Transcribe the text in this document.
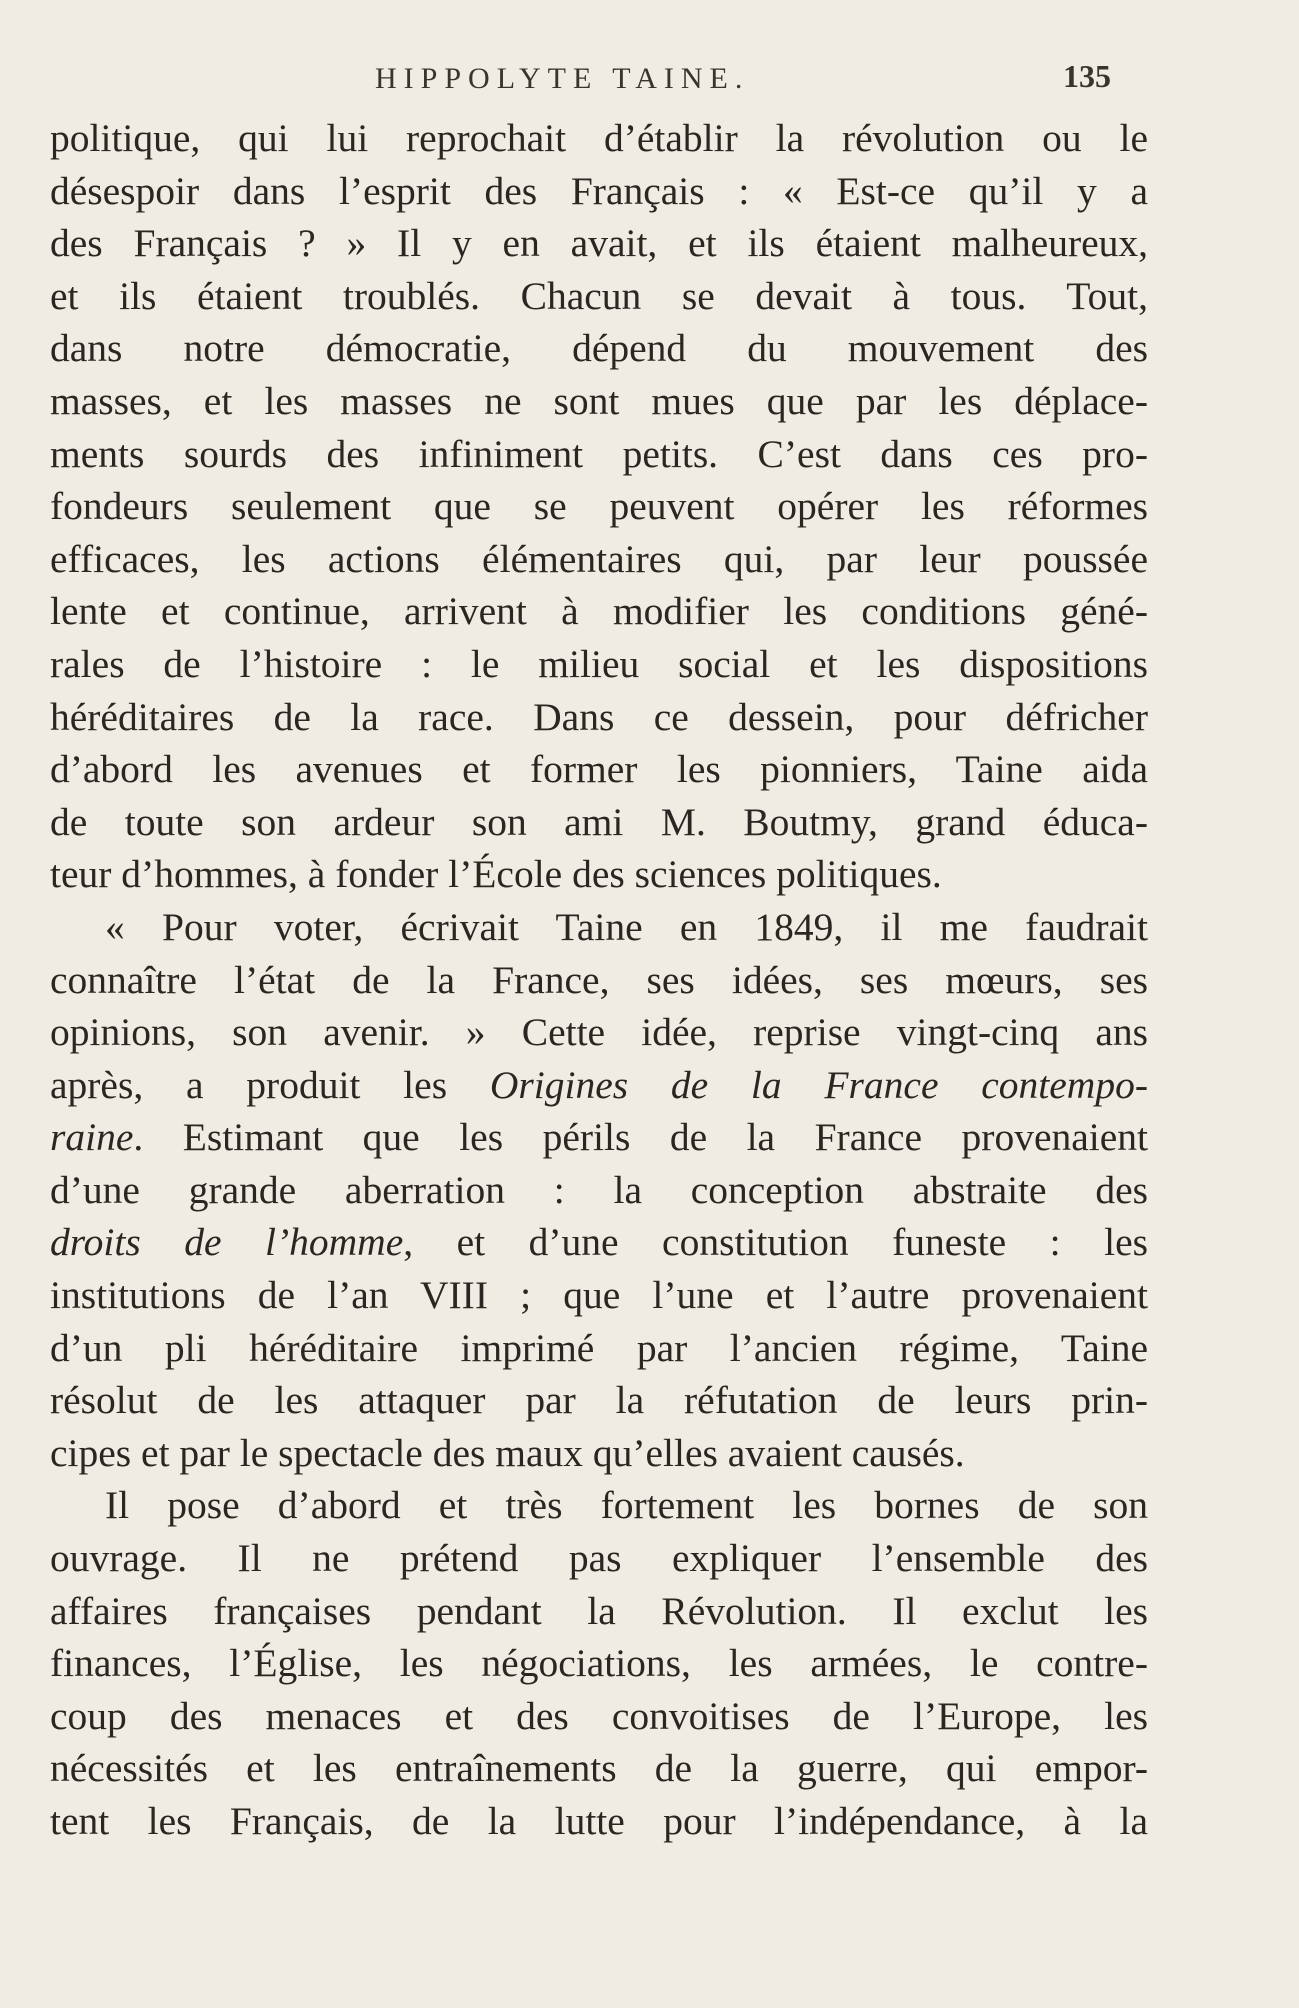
HIPPOLYTE TAINE.	135
politique, qui lui reprochait d’établir la révolution ou le
désespoir dans l’esprit des Français : « Est-ce qu’il y a
des Français ? » Il y en avait, et ils étaient malheureux,
et ils étaient troublés. Chacun se devait à tous. Tout,
dans notre démocratie, dépend du mouvement des
masses, et les masses ne sont mues que par les déplace-
ments sourds des infiniment petits. C’est dans ces pro-
fondeurs seulement que se peuvent opérer les réformes
efficaces, les actions élémentaires qui, par leur poussée
lente et continue, arrivent à modifier les conditions géné-
rales de l’histoire : le milieu social et les dispositions
héréditaires de la race. Dans ce dessein, pour défricher
d’abord les avenues et former les pionniers, Taine aida
de toute son ardeur son ami M. Boutmy, grand éduca-
teur d’hommes, à fonder l’École des sciences politiques.
« Pour voter, écrivait Taine en 1849, il me faudrait
connaître l’état de la France, ses idées, ses mœurs, ses
opinions, son avenir. » Cette idée, reprise vingt-cinq ans
après, a produit les Origines de la France contempo-
raine. Estimant que les périls de la France provenaient
d’une grande aberration : la conception abstraite des
droits de l’homme, et d’une constitution funeste : les
institutions de l’an VIII ; que l’une et l’autre provenaient
d’un pli héréditaire imprimé par l’ancien régime, Taine
résolut de les attaquer par la réfutation de leurs prin-
cipes et par le spectacle des maux qu’elles avaient causés.
Il pose d’abord et très fortement les bornes de son
ouvrage. Il ne prétend pas expliquer l’ensemble des
affaires françaises pendant la Révolution. Il exclut les
finances, l’Église, les négociations, les armées, le contre-
coup des menaces et des convoitises de l’Europe, les
nécessités et les entraînements de la guerre, qui empor-
tent les Français, de la lutte pour l’indépendance, à la
